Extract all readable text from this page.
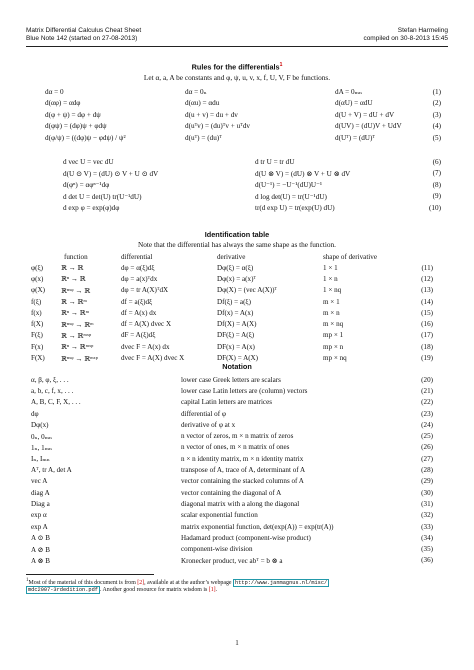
Matrix Differential Calculus Cheat Sheet
Blue Note 142 (started on 27-08-2013)
Stefan Harmeling
compiled on 30-8-2013 15:45
Rules for the differentials$^1$
Let α, a, A be constants and φ, ψ, u, v, x, f, U, V, F be functions.
dα = 0	dα = 0ₙ	dA = 0ₘₙ	(1)
d(αφ) = αdφ	d(αu) = αdu	d(αU) = αdU	(2)
d(φ + ψ) = dφ + dψ	d(u + v) = du + dv	d(U + V) = dU + dV	(3)
d(φψ) = (dφ)ψ + φdψ	d(uᵀv) = (du)ᵀv + uᵀdv	d(UV) = (dU)V + UdV	(4)
d(φ/ψ) = ((dφ)ψ − φdψ) / ψ²	d(uᵀ) = (du)ᵀ	d(Uᵀ) = (dU)ᵀ	(5)
d vec U = vec dU	d tr U = tr dU	(6)
d(U ⊙ V) = (dU) ⊙ V + U ⊙ dV	d(U ⊗ V) = (dU) ⊗ V + U ⊗ dV	(7)
d(φⁿ) = αφⁿ⁻¹dφ	d(U⁻¹) = −U⁻¹(dU)U⁻¹	(8)
d det U = det(U) tr(U⁻¹dU)	d log det(U) = tr(U⁻¹dU)	(9)
d exp φ = exp(φ)dφ	tr(d exp U) = tr(exp(U) dU)	(10)
Identification table
Note that the differential has always the same shape as the function.
		differential	derivative	shape of derivative	
φ(ξ)	ℝ → ℝ	dφ = α(ξ)dξ	Dφ(ξ) = α(ξ)	1 × 1	(11)
φ(x)	ℝⁿ → ℝ	dφ = a(x)ᵀdx	Dφ(x) = a(x)ᵀ	1 × n	(12)
φ(X)	ℝⁿˣᵠ → ℝ	dφ = tr A(X)ᵀdX	Dφ(X) = (vec A(X))ᵀ	1 × nq	(13)
f(ξ)	ℝ → ℝᵐ	df = a(ξ)dξ	Df(ξ) = a(ξ)	m × 1	(14)
f(x)	ℝⁿ → ℝᵐ	df = A(x) dx	Df(x) = A(x)	m × n	(15)
f(X)	ℝⁿˣᵠ → ℝᵐ	df = A(X) dvec X	Df(X) = A(X)	m × nq	(16)
F(ξ)	ℝ → ℝᵐˣᵖ	dF = A(ξ)dξ	DF(ξ) = A(ξ)	mp × 1	(17)
F(x)	ℝⁿ → ℝᵐˣᵖ	dvec F = A(x) dx	DF(x) = A(x)	mp × n	(18)
F(X)	ℝⁿˣᵠ → ℝᵐˣᵖ	dvec F = A(X) dvec X	DF(X) = A(X)	mp × nq	(19)
function
Notation
α, β, φ, ξ, . . .	lower case Greek letters are scalars	(20)
a, b, c, f, x, . . .	lower case Latin letters are (column) vectors	(21)
A, B, C, F, X, . . .	capital Latin letters are matrices	(22)
dφ	differential of φ	(23)
Dφ(x)	derivative of φ at x	(24)
0ₙ, 0ₘₙ	n vector of zeros, m × n matrix of zeros	(25)
1ₙ, 1ₘₙ	n vector of ones, m × n matrix of ones	(26)
Iₙ, Iₘₙ	n × n identity matrix, m × n identity matrix	(27)
Aᵀ, tr A, det A	transpose of A, trace of A, determinant of A	(28)
vec A	vector containing the stacked columns of A	(29)
diag A	vector containing the diagonal of A	(30)
Diag a	diagonal matrix with a along the diagonal	(31)
exp α	scalar exponential function	(32)
exp A	matrix exponential function, det(exp(A)) = exp(tr(A))	(33)
A ⊙ B	Hadamard product (component-wise product)	(34)
A ⊘ B	component-wise division	(35)
A ⊗ B	Kronecker product, vec abᵀ = b ⊗ a	(36)
$^1$Most of the material of this document is from [2], available at at the author’s webpage http://www.janmagnus.nl/misc/
mdc2007-3rdedition.pdf . Another good resource for matrix wisdom is [1].
1
